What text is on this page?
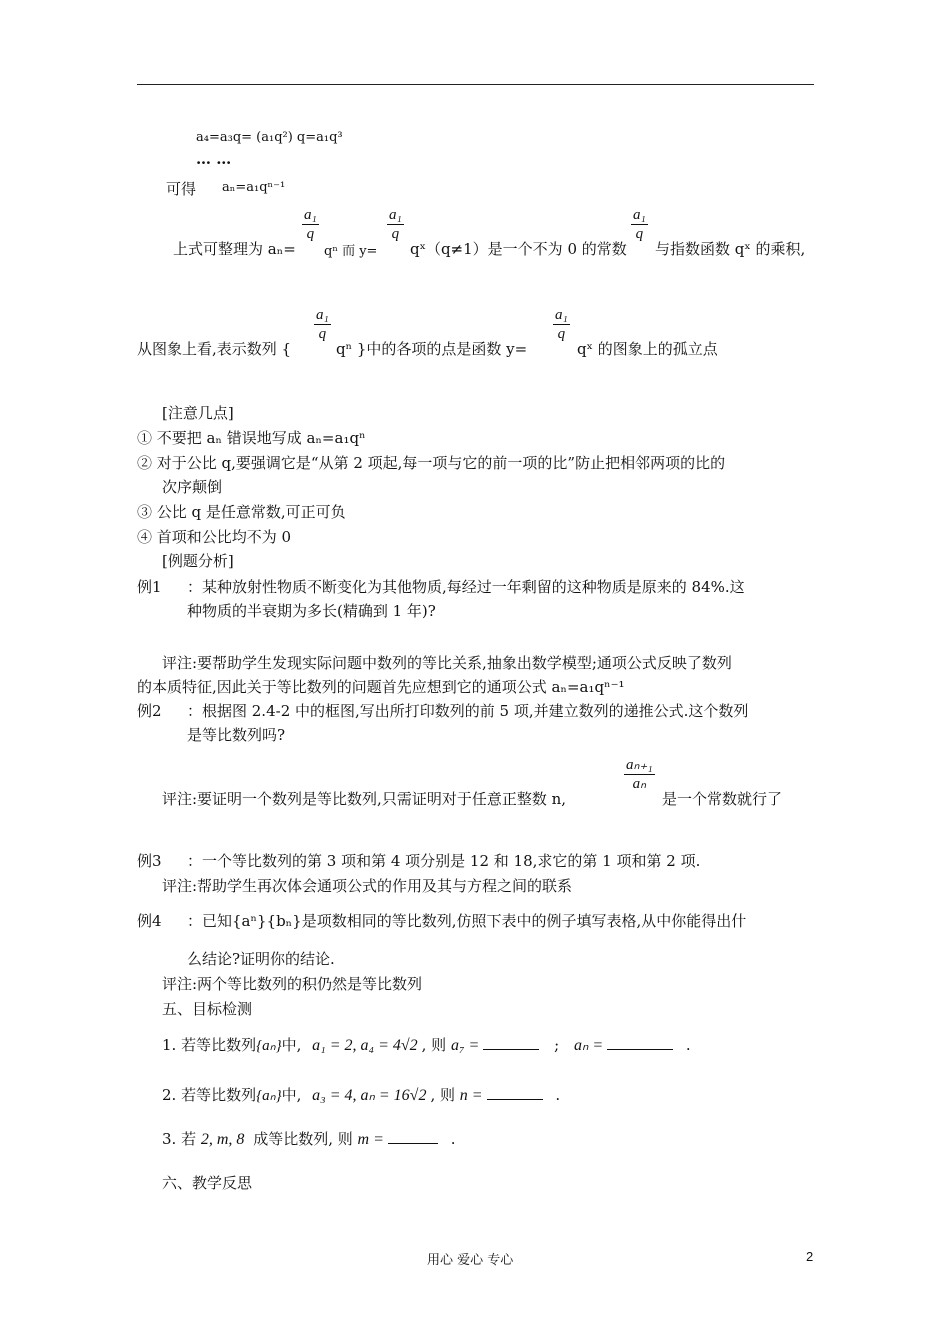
a₄=a₃q= (a₁q²) q=a₁q³
… …
可得 aₙ=a₁qⁿ⁻¹
上式可整理为 aₙ=
$\frac{\text{a₁}}{q}$
qⁿ 而 y=
$\frac{\text{a₁}}{q}$
qˣ（q≠1）是一个不为 0 的常数
$\frac{\text{a₁}}{q}$
与指数函数 qˣ 的乘积,
从图象上看,表示数列 {
$\frac{\text{a₁}}{q}$
qⁿ }中的各项的点是函数 y=
$\frac{\text{a₁}}{q}$
qˣ 的图象上的孤立点
[注意几点]
① 不要把 aₙ 错误地写成 aₙ=a₁qⁿ
② 对于公比 q,要强调它是“从第 2 项起,每一项与它的前一项的比”防止把相邻两项的比的
次序颠倒
③ 公比 q 是任意常数,可正可负
④ 首项和公比均不为 0
[例题分析]
例1 ：某种放射性物质不断变化为其他物质,每经过一年剩留的这种物质是原来的 84%.这
种物质的半衰期为多长(精确到 1 年)?
评注:要帮助学生发现实际问题中数列的等比关系,抽象出数学模型;通项公式反映了数列
的本质特征,因此关于等比数列的问题首先应想到它的通项公式 aₙ=a₁qⁿ⁻¹
例2 ：根据图 2.4-2 中的框图,写出所打印数列的前 5 项,并建立数列的递推公式.这个数列
是等比数列吗?
评注:要证明一个数列是等比数列,只需证明对于任意正整数 n,
$\frac{\text{aₙ₊₁}}{\text{aₙ}}$
是一个常数就行了
例3 ：一个等比数列的第 3 项和第 4 项分别是 12 和 18,求它的第 1 项和第 2 项.
评注:帮助学生再次体会通项公式的作用及其与方程之间的联系
例4 ：已知{aⁿ}{bₙ}是项数相同的等比数列,仿照下表中的例子填写表格,从中你能得出什
么结论?证明你的结论.
评注:两个等比数列的积仍然是等比数列
五、目标检测
1. 若等比数列{aₙ}中, a₁ = 2, a₄ = 4√2 , 则 a₇ =	; aₙ =	.
2. 若等比数列{aₙ}中, a₃ = 4, aₙ = 16√2 , 则 n =	.
3. 若 2, m, 8 成等比数列, 则 m =	.
六、教学反思
用心 爱心 专心	2
